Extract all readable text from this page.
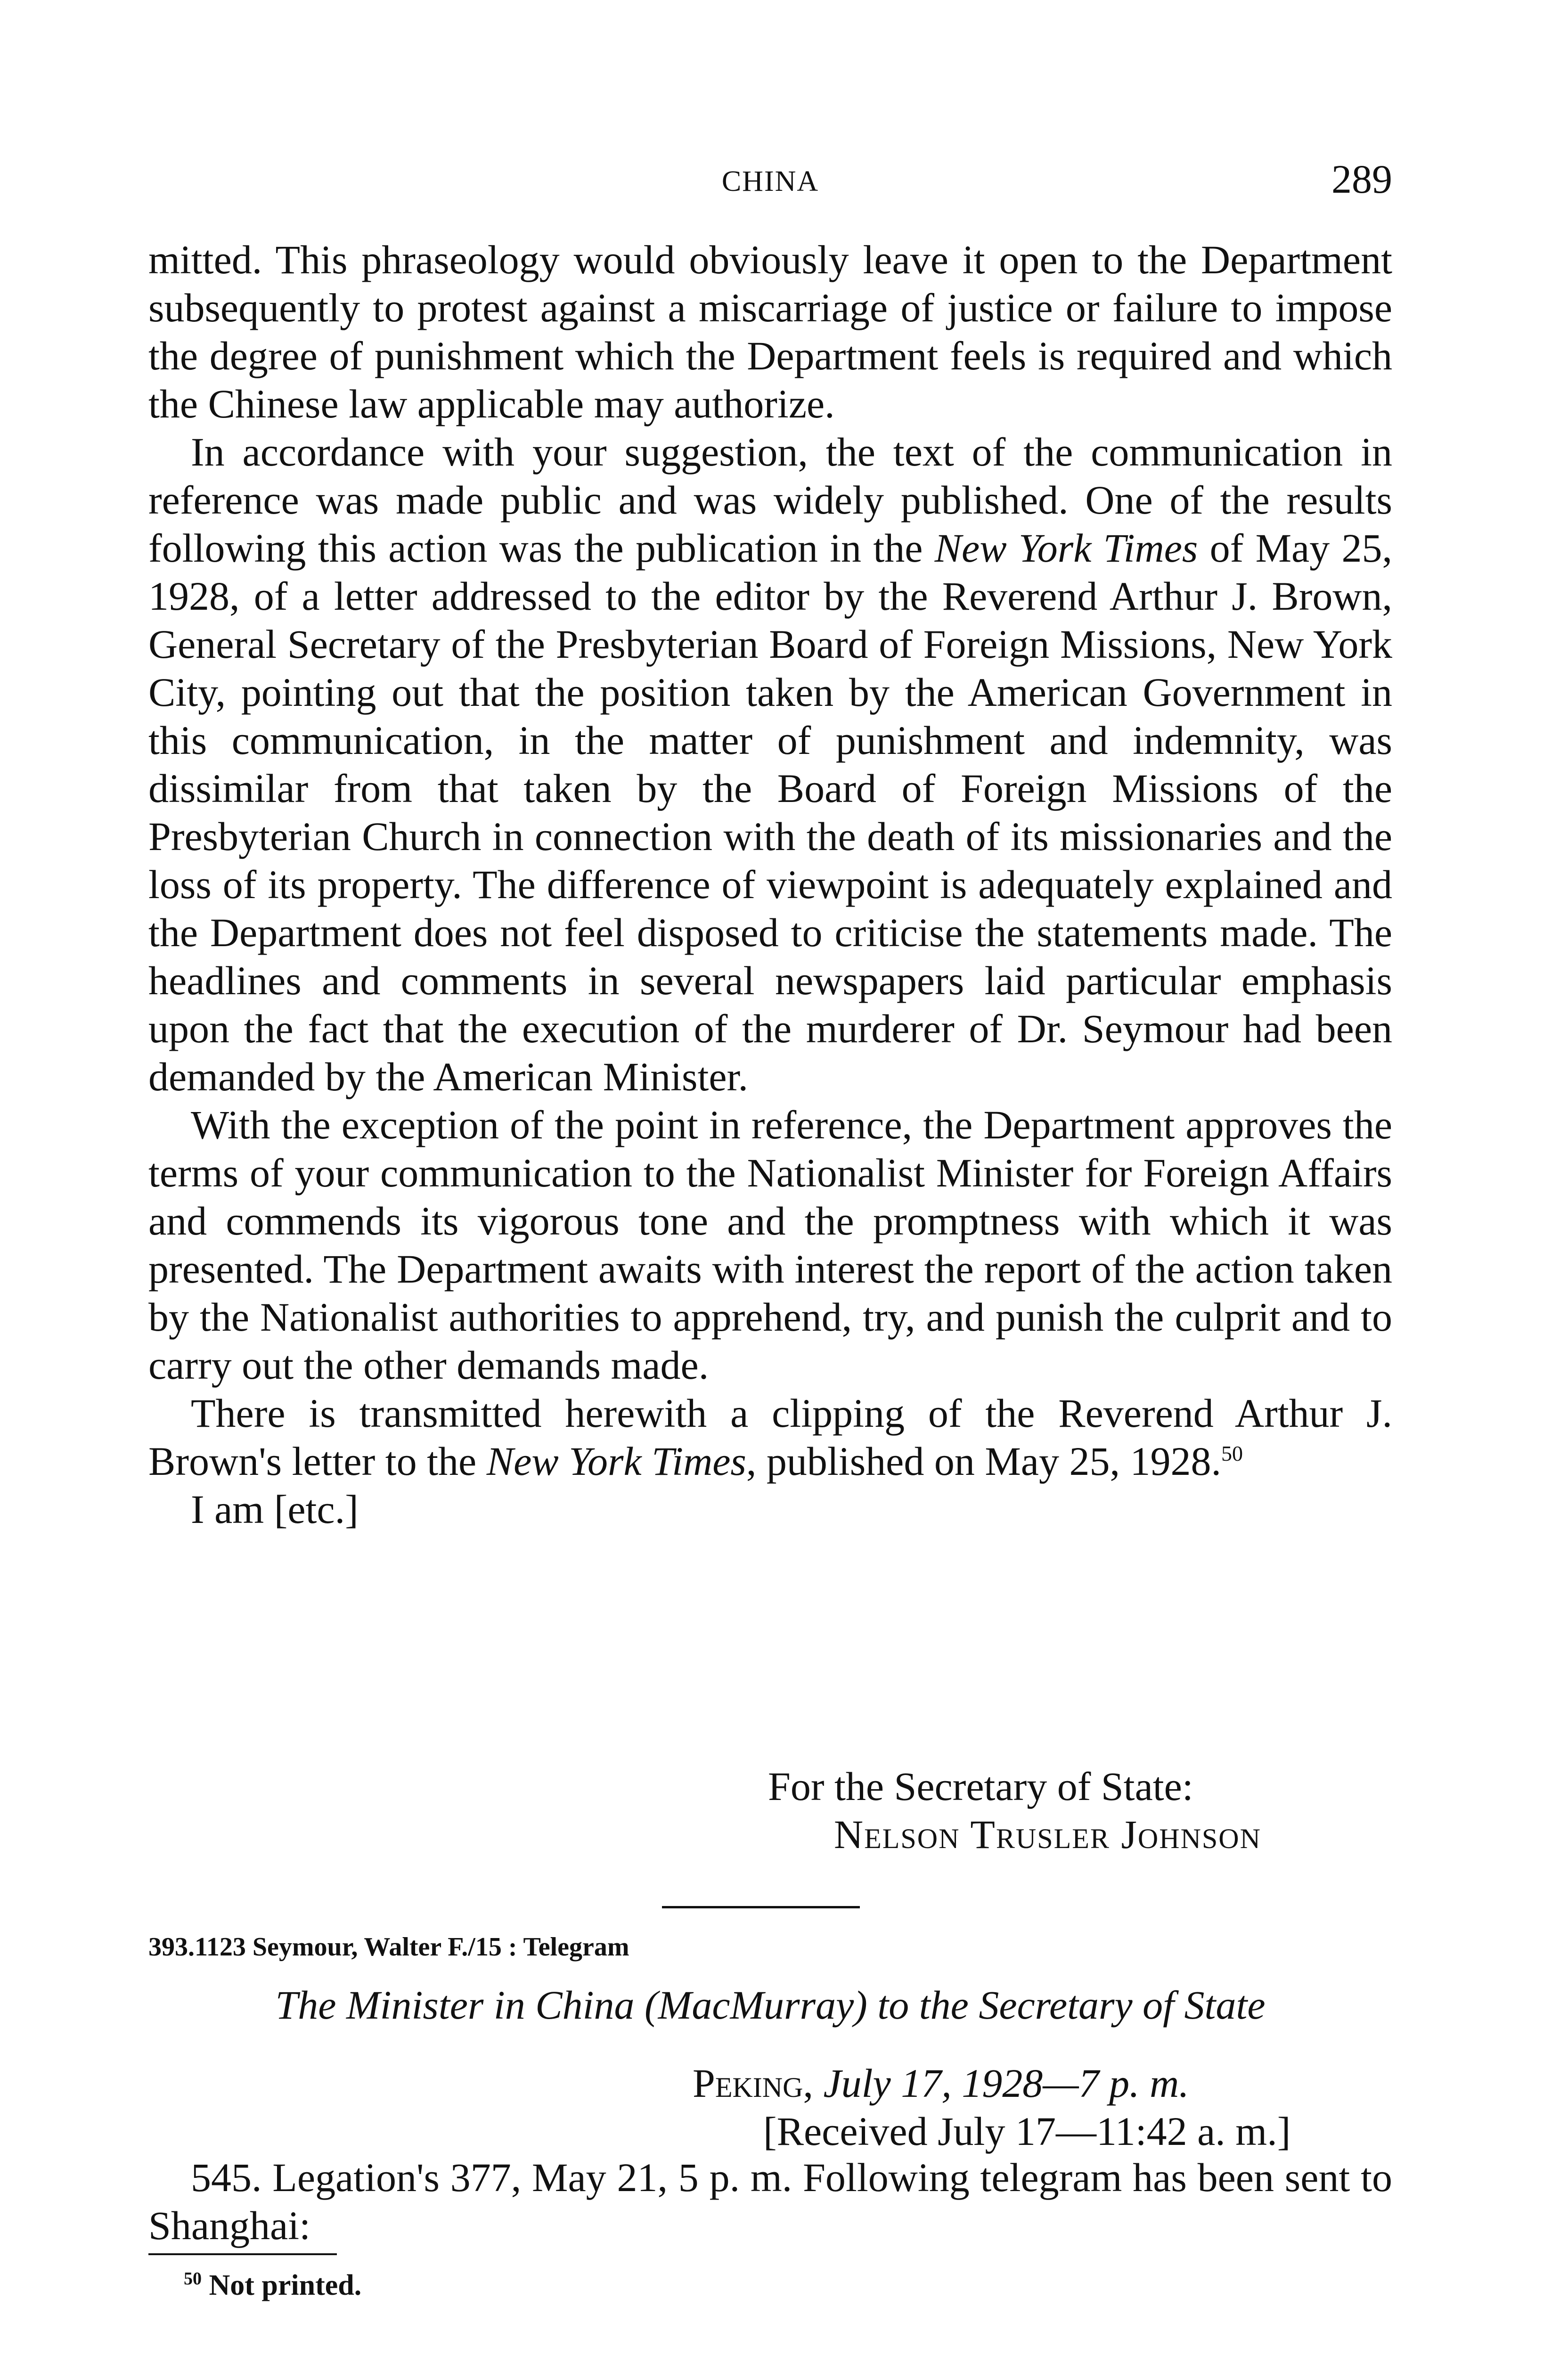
CHINA	289

mitted. This phraseology would obviously leave it open to the Department subsequently to protest against a miscarriage of justice or failure to impose the degree of punishment which the Department feels is required and which the Chinese law applicable may authorize.

In accordance with your suggestion, the text of the communication in reference was made public and was widely published. One of the results following this action was the publication in the New York Times of May 25, 1928, of a letter addressed to the editor by the Reverend Arthur J. Brown, General Secretary of the Presbyterian Board of Foreign Missions, New York City, pointing out that the position taken by the American Government in this communication, in the matter of punishment and indemnity, was dissimilar from that taken by the Board of Foreign Missions of the Presbyterian Church in connection with the death of its missionaries and the loss of its property. The difference of viewpoint is adequately explained and the Department does not feel disposed to criticise the statements made. The headlines and comments in several newspapers laid particular emphasis upon the fact that the execution of the murderer of Dr. Seymour had been demanded by the American Minister.

With the exception of the point in reference, the Department approves the terms of your communication to the Nationalist Minister for Foreign Affairs and commends its vigorous tone and the promptness with which it was presented. The Department awaits with interest the report of the action taken by the Nationalist authorities to apprehend, try, and punish the culprit and to carry out the other demands made.

There is transmitted herewith a clipping of the Reverend Arthur J. Brown's letter to the New York Times, published on May 25, 1928.50

I am [etc.]

For the Secretary of State:

Nelson Trusler Johnson

393.1123 Seymour, Walter F./15 : Telegram
The Minister in China (MacMurray) to the Secretary of State

Peking, July 17, 1928—7 p. m.

[Received July 17—11:42 a. m.]

545. Legation's 377, May 21, 5 p. m. Following telegram has been sent to Shanghai:

$^{50}$ Not printed.
